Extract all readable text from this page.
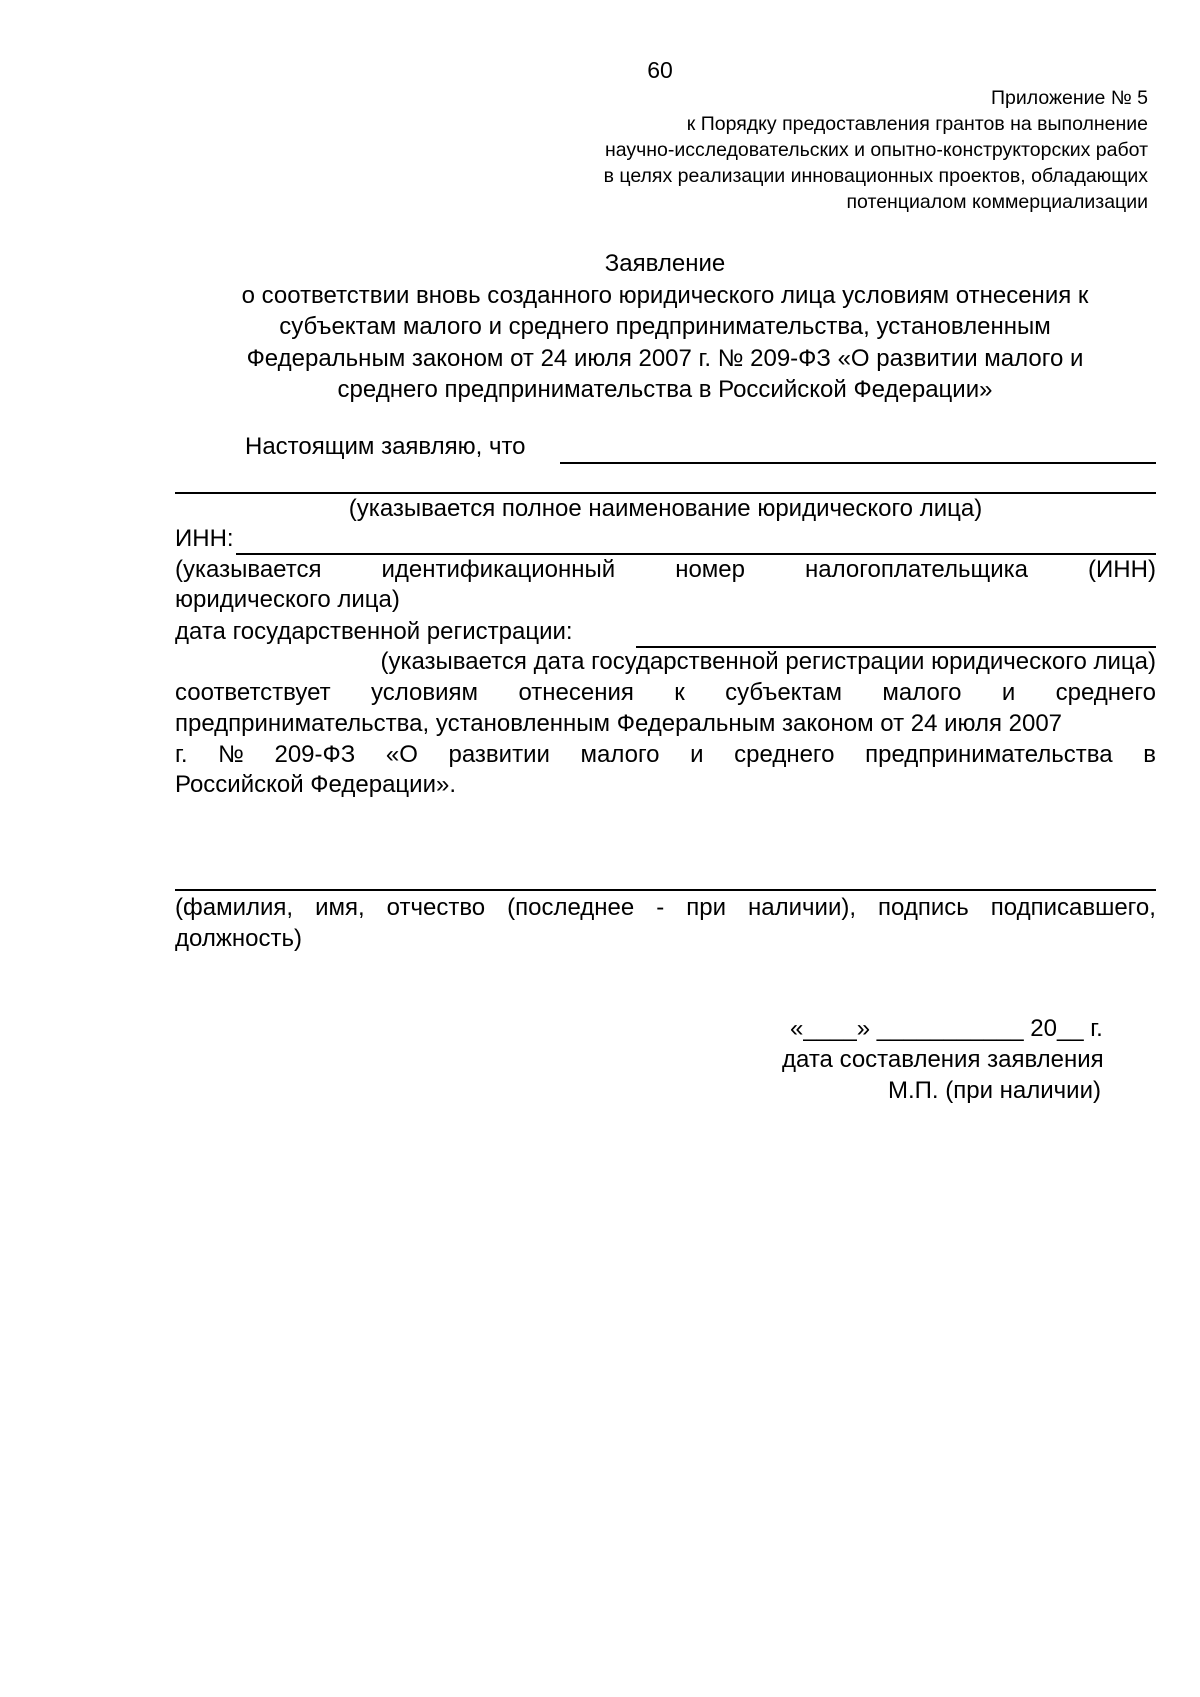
60
Приложение № 5
к Порядку предоставления грантов на выполнение
научно-исследовательских и опытно-конструкторских работ
в целях реализации инновационных проектов, обладающих
потенциалом коммерциализации
Заявление
о соответствии вновь созданного юридического лица условиям отнесения к
субъектам малого и среднего предпринимательства, установленным
Федеральным законом от 24 июля 2007 г. № 209-ФЗ «О развитии малого и
среднего предпринимательства в Российской Федерации»
Настоящим заявляю, что
(указывается полное наименование юридического лица)
ИНН:
(указывается	идентификационный	номер	налогоплательщика	(ИНН)
юридического лица)
дата государственной регистрации:
(указывается дата государственной регистрации юридического лица)
соответствует условиям отнесения к субъектам малого и среднего
предпринимательства, установленным Федеральным законом от 24 июля 2007
г. № 209-ФЗ «О развитии малого и среднего предпринимательства в
Российской Федерации».
(фамилия, имя, отчество (последнее - при наличии), подпись подписавшего,
должность)
«____» ___________ 20__ г.
дата составления заявления
М.П. (при наличии)
